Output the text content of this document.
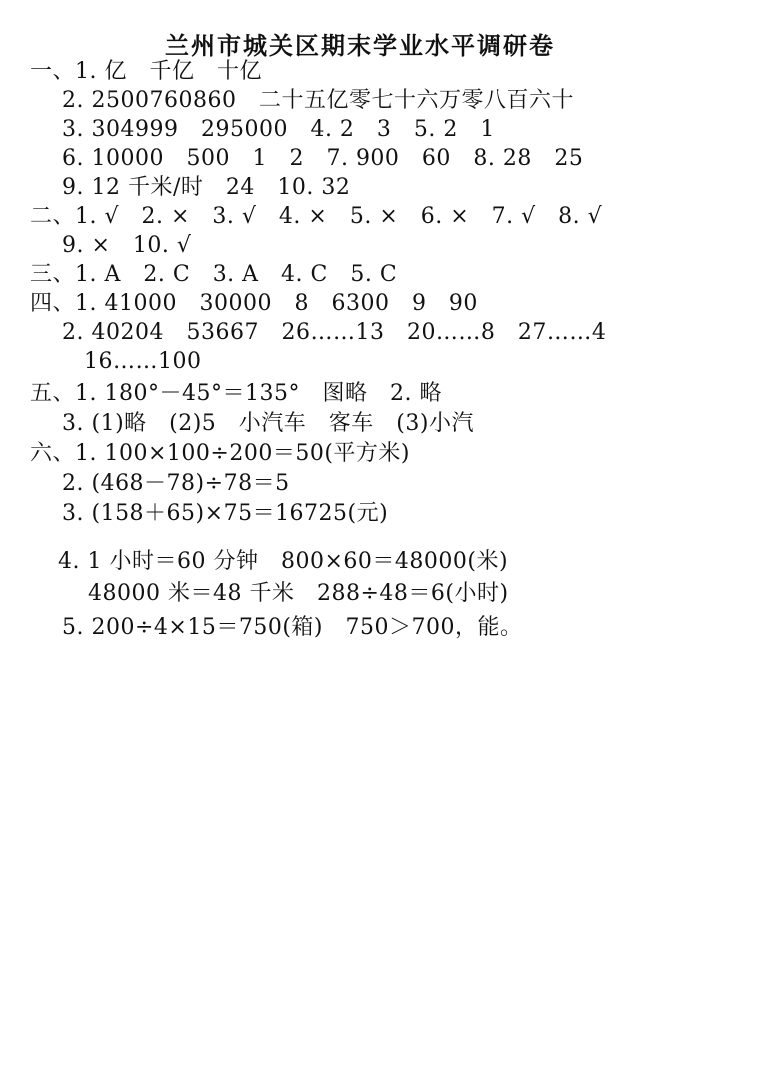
兰州市城关区期末学业水平调研卷
一、1. 亿　千亿　十亿
2. 2500760860　二十五亿零七十六万零八百六十
3. 304999　295000　4. 2　3　5. 2　1
6. 10000　500　1　2　7. 900　60　8. 28　25
9. 12 千米/时　24　10. 32
二、1. √　2. ×　3. √　4. ×　5. ×　6. ×　7. √　8. √
9. ×　10. √
三、1. A　2. C　3. A　4. C　5. C
四、1. 41000　30000　8　6300　9　90
2. 40204　53667　26……13　20……8　27……4
16……100
五、1. 180°－45°＝135°　图略　2. 略
3. (1)略　(2)5　小汽车　客车　(3)小汽
六、1. 100×100÷200＝50(平方米)
2. (468－78)÷78＝5
3. (158＋65)×75＝16725(元)
4. 1 小时＝60 分钟　800×60＝48000(米)
48000 米＝48 千米　288÷48＝6(小时)
5. 200÷4×15＝750(箱)　750＞700，能。
